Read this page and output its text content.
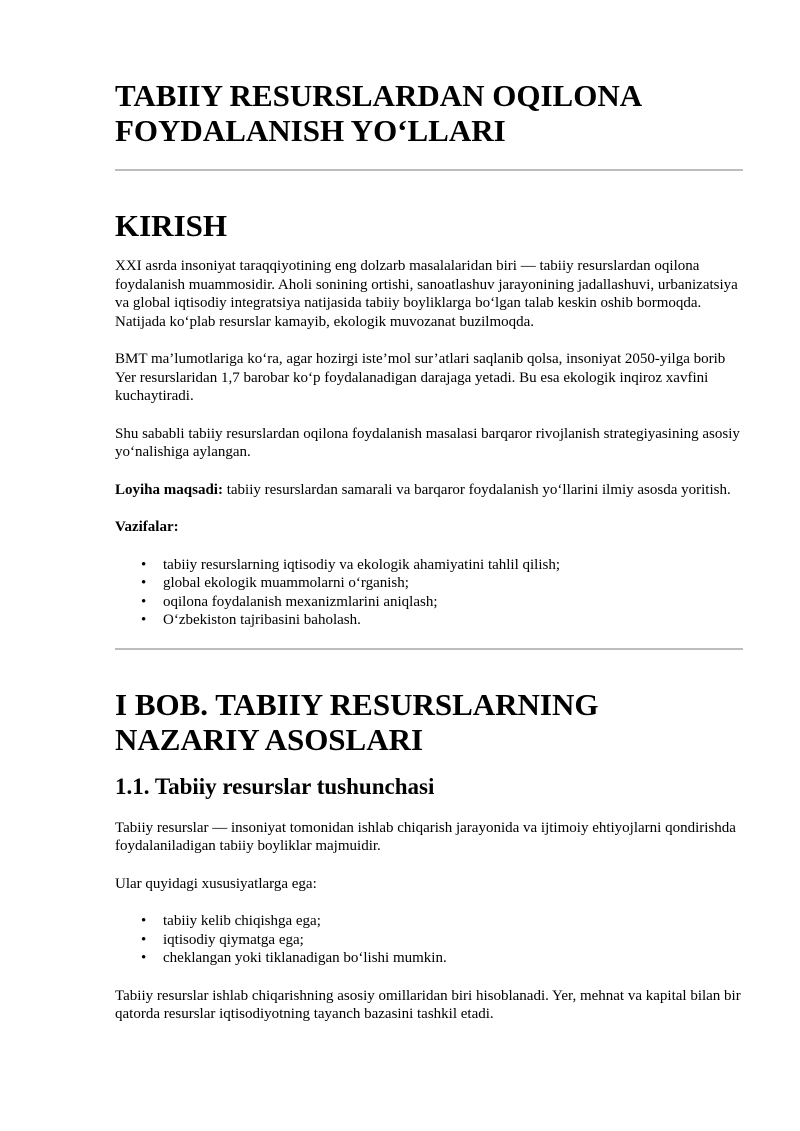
TABIIY RESURSLARDAN OQILONA FOYDALANISH YO‘LLARI
KIRISH

XXI asrda insoniyat taraqqiyotining eng dolzarb masalalaridan biri — tabiiy resurslardan oqilona foydalanish muammosidir. Aholi sonining ortishi, sanoatlashuv jarayonining jadallashuvi, urbanizatsiya va global iqtisodiy integratsiya natijasida tabiiy boyliklarga bo‘lgan talab keskin oshib bormoqda. Natijada ko‘plab resurslar kamayib, ekologik muvozanat buzilmoqda.

BMT ma’lumotlariga ko‘ra, agar hozirgi iste’mol sur’atlari saqlanib qolsa, insoniyat 2050-yilga borib Yer resurslaridan 1,7 barobar ko‘p foydalanadigan darajaga yetadi. Bu esa ekologik inqiroz xavfini kuchaytiradi.

Shu sababli tabiiy resurslardan oqilona foydalanish masalasi barqaror rivojlanish strategiyasining asosiy yo‘nalishiga aylangan.

Loyiha maqsadi: tabiiy resurslardan samarali va barqaror foydalanish yo‘llarini ilmiy asosda yoritish.

Vazifalar:

• tabiiy resurslarning iqtisodiy va ekologik ahamiyatini tahlil qilish;
• global ekologik muammolarni o‘rganish;
• oqilona foydalanish mexanizmlarini aniqlash;
• O‘zbekiston tajribasini baholash.
I BOB. TABIIY RESURSLARNING NAZARIY ASOSLARI
1.1. Tabiiy resurslar tushunchasi

Tabiiy resurslar — insoniyat tomonidan ishlab chiqarish jarayonida va ijtimoiy ehtiyojlarni qondirishda foydalaniladigan tabiiy boyliklar majmuidir.

Ular quyidagi xususiyatlarga ega:

• tabiiy kelib chiqishga ega;
• iqtisodiy qiymatga ega;
• cheklangan yoki tiklanadigan bo‘lishi mumkin.

Tabiiy resurslar ishlab chiqarishning asosiy omillaridan biri hisoblanadi. Yer, mehnat va kapital bilan bir qatorda resurslar iqtisodiyotning tayanch bazasini tashkil etadi.
